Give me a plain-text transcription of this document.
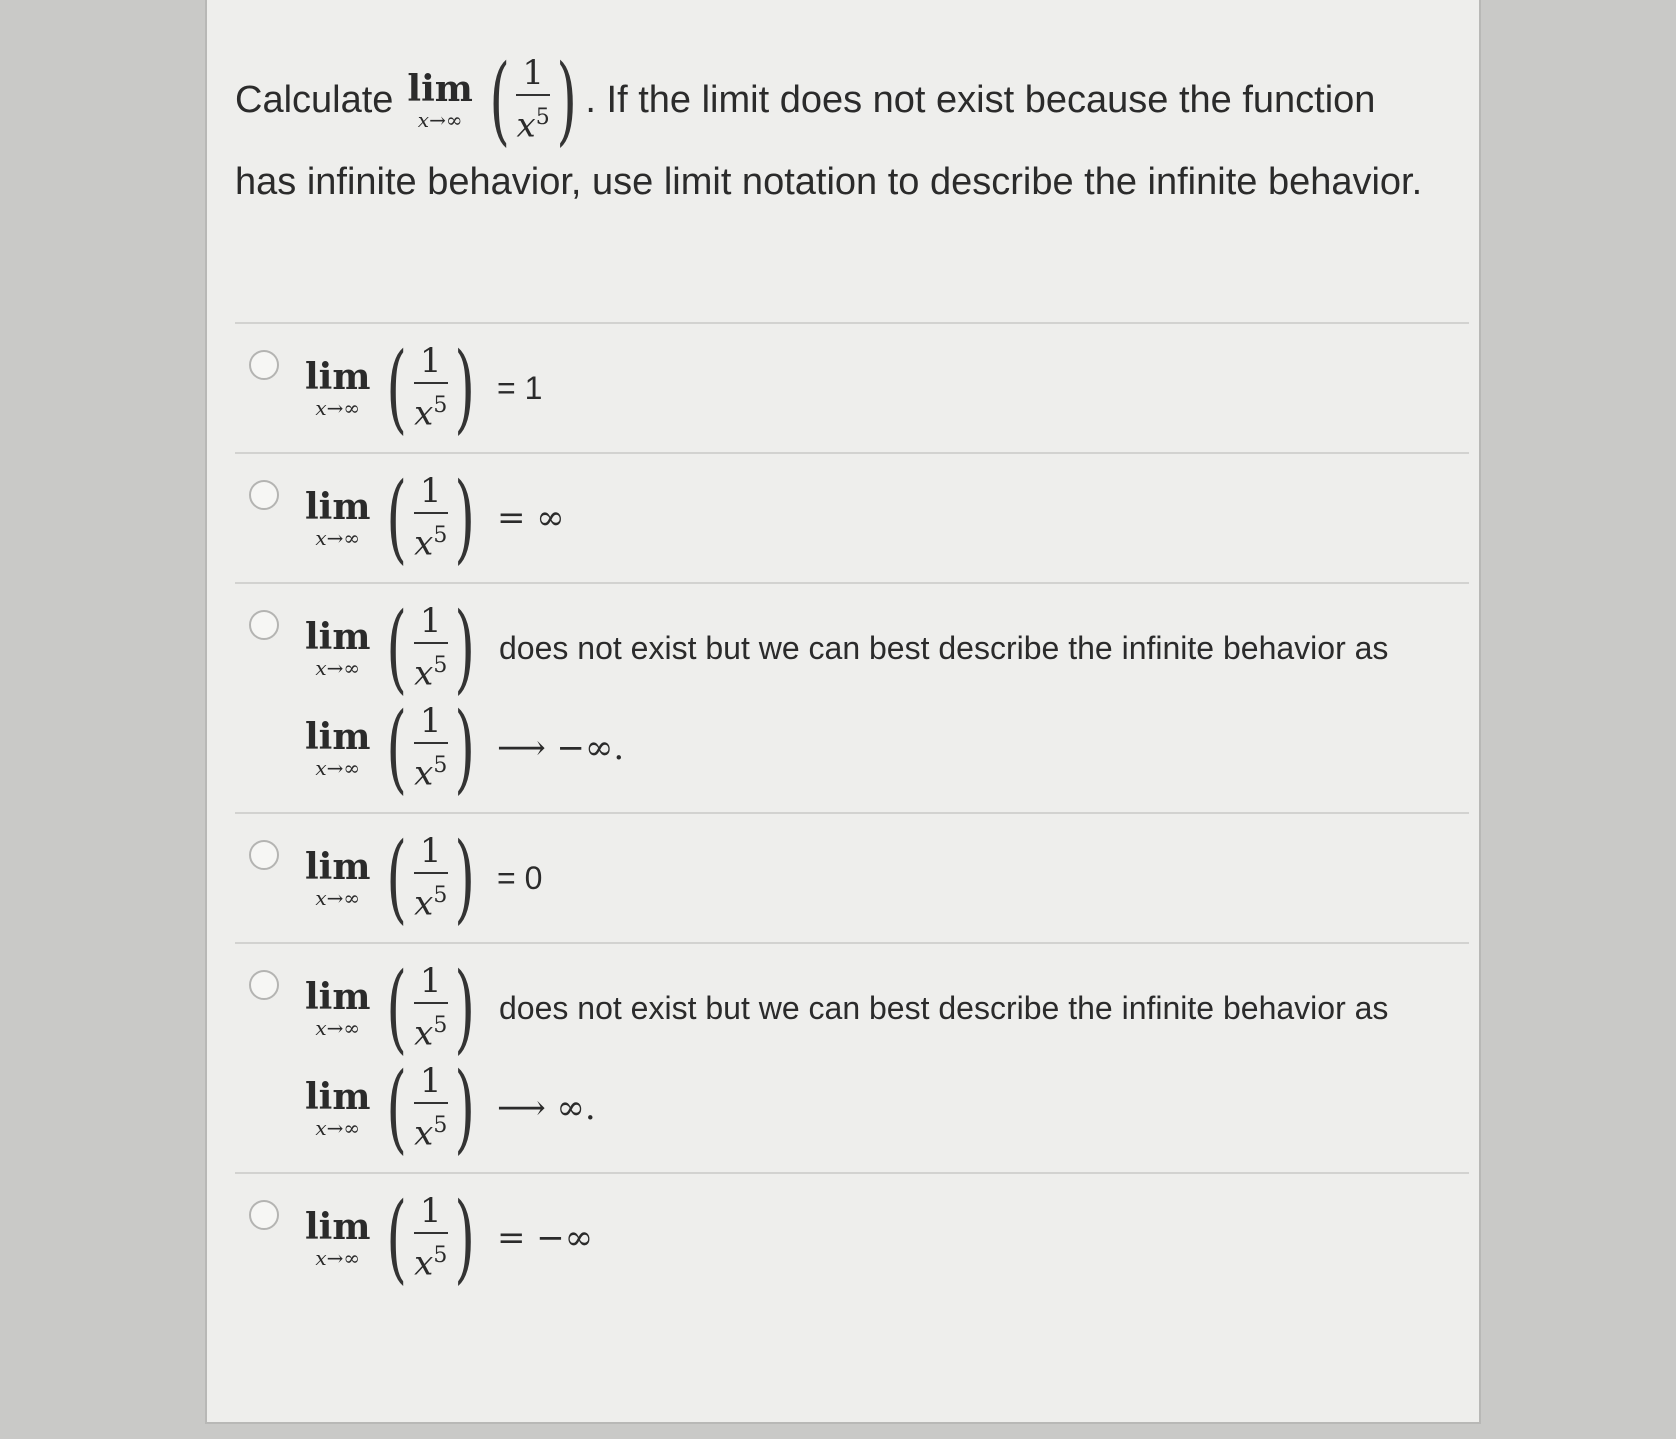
Calculate lim
x→∞ ( $\frac{1}{x^5}$ ) . If the limit does not exist because the function
has infinite behavior, use limit notation to describe the infinite behavior.
lim
x→∞ ( $\frac{1}{x^5}$ ) = 1
lim
x→∞ ( $\frac{1}{x^5}$ ) = ∞
lim
x→∞ ( $\frac{1}{x^5}$ ) does not exist but we can best describe the infinite behavior as
lim
x→∞ ( $\frac{1}{x^5}$ ) ⟶ −∞.
lim
x→∞ ( $\frac{1}{x^5}$ ) = 0
lim
x→∞ ( $\frac{1}{x^5}$ ) does not exist but we can best describe the infinite behavior as
lim
x→∞ ( $\frac{1}{x^5}$ ) ⟶ ∞.
lim
x→∞ ( $\frac{1}{x^5}$ ) = −∞
